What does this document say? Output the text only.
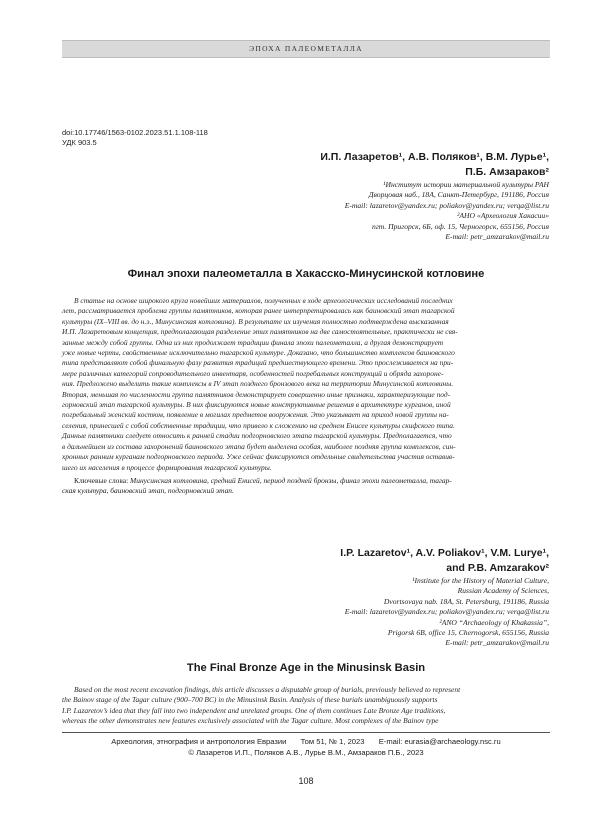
ЭПОХА ПАЛЕОМЕТАЛЛА
doi:10.17746/1563-0102.2023.51.1.108-118
УДК 903.5
И.П. Лазаретов¹, А.В. Поляков¹, В.М. Лурье¹,
П.Б. Амзараков²
¹Институт истории материальной культуры РАН
Дворцовая наб., 18А, Санкт-Петербург, 191186, Россия
E-mail: lazaretov@yandex.ru; poliakov@yandex.ru; verqa@list.ru
²АНО «Археология Хакасии»
пгт. Пригорск, 6Б, оф. 15, Черногорск, 655156, Россия
E-mail: petr_amzarakov@mail.ru
Финал эпохи палеометалла в Хакасско-Минусинской котловине
В статье на основе широкого круга новейших материалов, полученных в ходе археологических исследований последних
лет, рассматривается проблема группы памятников, которая ранее интерпретировалась как баиновский этап тагарской
культуры (IX–VIII вв. до н.э., Минусинская котловина). В результате их изучения полностью подтверждена высказанная
И.П. Лазаретовым концепция, предполагающая разделение этих памятников на две самостоятельные, практически не свя-
занные между собой группы. Одна из них продолжает традиции финала эпохи палеометалла, а другая демонстрирует
уже новые черты, свойственные исключительно тагарской культуре. Доказано, что большинство комплексов баиновского
типа представляют собой финальную фазу развития традиций предшествующего времени. Это прослеживается на при-
мере различных категорий сопроводительного инвентаря, особенностей погребальных конструкций и обряда захороне-
ния. Предложено выделить такие комплексы в IV этап позднего бронзового века на территории Минусинской котловины.
Вторая, меньшая по численности группа памятников демонстрирует совершенно иные признаки, характеризующие под-
горновский этап тагарской культуры. В них фиксируются новые конструктивные решения в архитектуре курганов, иной
погребальный женский костюм, появление в могилах предметов вооружения. Это указывает на приход новой группы на-
селения, принесшей с собой собственные традиции, что привело к сложению на среднем Енисее культуры скифского типа.
Данные памятники следует относить к ранней стадии подгорновского этапа тагарской культуры. Предполагается, что
в дальнейшем из состава захоронений баиновского этапа будет выделена особая, наиболее поздняя группа комплексов, син-
хронных ранним курганам подгорновского периода. Уже сейчас фиксируются отдельные свидетельства участия оставив-
шего их населения в процессе формирования тагарской культуры.
Ключевые слова: Минусинская котловина, средний Енисей, период поздней бронзы, финал эпохи палеометалла, тагар-
ская культура, баиновский этап, подгорновский этап.
I.P. Lazaretov¹, A.V. Poliakov¹, V.M. Lurye¹,
and P.B. Amzarakov²
¹Institute for the History of Material Culture,
Russian Academy of Sciences,
Dvortsovaya nab. 18A, St. Petersburg, 191186, Russia
E-mail: lazaretov@yandex.ru; poliakov@yandex.ru; verqa@list.ru
²ANO “Archaeology of Khakassia”,
Prigorsk 6B, office 15, Chernogorsk, 655156, Russia
E-mail: petr_amzarakov@mail.ru
The Final Bronze Age in the Minusinsk Basin
Based on the most recent excavation findings, this article discusses a disputable group of burials, previously believed to represent
the Bainov stage of the Tagar culture (900–700 BC) in the Minusinsk Basin. Analysis of these burials unambiguously supports
I.P. Lazaretov’s idea that they fall into two independent and unrelated groups. One of them continues Late Bronze Age traditions,
whereas the other demonstrates new features exclusively associated with the Tagar culture. Most complexes of the Bainov type
Археология, этнография и антропология Евразии Том 51, № 1, 2023 E-mail: eurasia@archaeology.nsc.ru
© Лазаретов И.П., Поляков А.В., Лурье В.М., Амзараков П.Б., 2023
108
